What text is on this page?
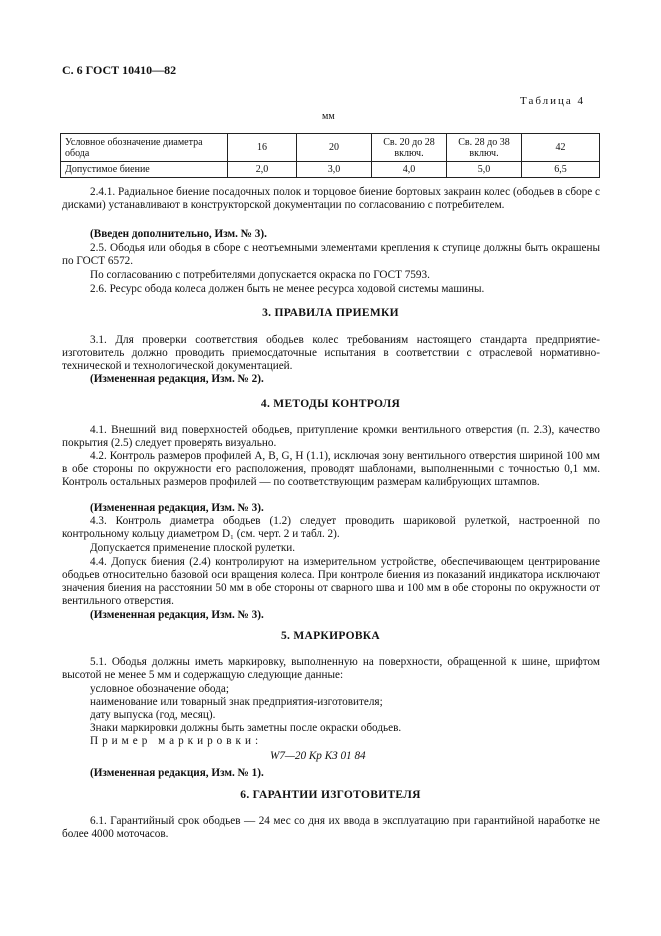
С. 6 ГОСТ 10410—82
Таблица 4
мм
Условное обозначение диаметра обода	16	20	Св. 20 до 28 включ.	Св. 28 до 38 включ.	42
Допустимое биение	2,0	3,0	4,0	5,0	6,5
2.4.1. Радиальное биение посадочных полок и торцовое биение бортовых закраин колес (ободьев в сборе с дисками) устанавливают в конструкторской документации по согласованию с потребителем.
(Введен дополнительно, Изм. № 3).
2.5. Ободья или ободья в сборе с неотъемными элементами крепления к ступице должны быть окрашены по ГОСТ 6572.
По согласованию с потребителями допускается окраска по ГОСТ 7593.
2.6. Ресурс обода колеса должен быть не менее ресурса ходовой системы машины.
3. ПРАВИЛА ПРИЕМКИ
3.1. Для проверки соответствия ободьев колес требованиям настоящего стандарта предприятие-изготовитель должно проводить приемосдаточные испытания в соответствии с отраслевой нормативно-технической и технологической документацией.
(Измененная редакция, Изм. № 2).
4. МЕТОДЫ КОНТРОЛЯ
4.1. Внешний вид поверхностей ободьев, притупление кромки вентильного отверстия (п. 2.3), качество покрытия (2.5) следует проверять визуально.
4.2. Контроль размеров профилей A, B, G, H (1.1), исключая зону вентильного отверстия шириной 100 мм в обе стороны по окружности его расположения, проводят шаблонами, выполненными с точностью 0,1 мм. Контроль остальных размеров профилей — по соответствующим размерам калибрующих штампов.
(Измененная редакция, Изм. № 3).
4.3. Контроль диаметра ободьев (1.2) следует проводить шариковой рулеткой, настроенной по контрольному кольцу диаметром D₁ (см. черт. 2 и табл. 2).
Допускается применение плоской рулетки.
4.4. Допуск биения (2.4) контролируют на измерительном устройстве, обеспечивающем центрирование ободьев относительно базовой оси вращения колеса. При контроле биения из показаний индикатора исключают значения биения на расстоянии 50 мм в обе стороны от сварного шва и 100 мм в обе стороны по окружности от вентильного отверстия.
(Измененная редакция, Изм. № 3).
5. МАРКИРОВКА
5.1. Ободья должны иметь маркировку, выполненную на поверхности, обращенной к шине, шрифтом высотой не менее 5 мм и содержащую следующие данные:
условное обозначение обода;
наименование или товарный знак предприятия-изготовителя;
дату выпуска (год, месяц).
Знаки маркировки должны быть заметны после окраски ободьев.
Пример маркировки:
W7—20 Kр КЗ 01 84
(Измененная редакция, Изм. № 1).
6. ГАРАНТИИ ИЗГОТОВИТЕЛЯ
6.1. Гарантийный срок ободьев — 24 мес со дня их ввода в эксплуатацию при гарантийной наработке не более 4000 моточасов.
